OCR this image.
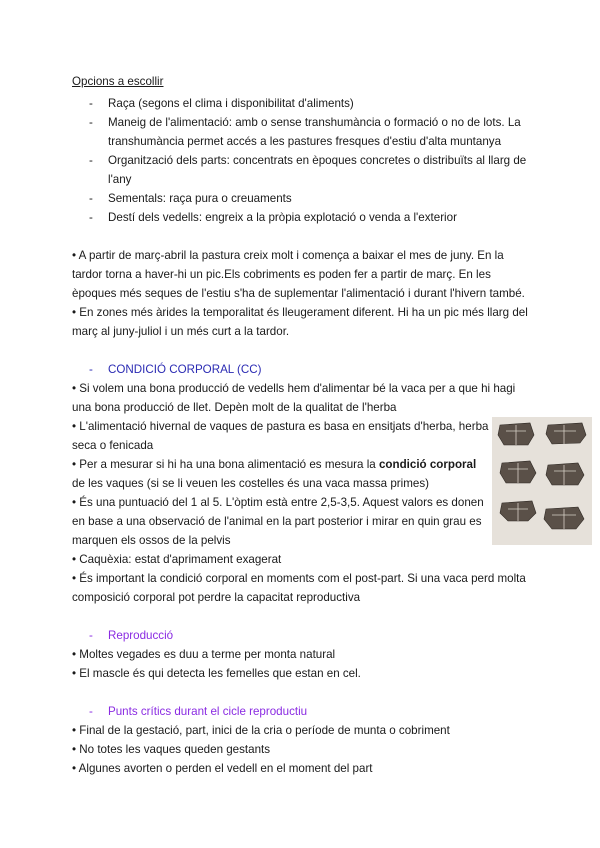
Opcions a escollir

- Raça (segons el clima i disponibilitat d'aliments)
- Maneig de l'alimentació: amb o sense transhumància o formació o no de lots. La transhumància permet accés a les pastures fresques d'estiu d'alta muntanya
- Organització dels parts: concentrats en èpoques concretes o distribuïts al llarg de l'any
- Sementals: raça pura o creuaments
- Destí dels vedells: engreix a la pròpia explotació o venda a l'exterior

• A partir de març-abril la pastura creix molt i comença a baixar el mes de juny. En la tardor torna a haver-hi un pic.Els cobriments es poden fer a partir de març. En les èpoques més seques de l'estiu s'ha de suplementar l'alimentació i durant l'hivern també.

• En zones més àrides la temporalitat és lleugerament diferent. Hi ha un pic més llarg del març al juny-juliol i un més curt a la tardor.

- CONDICIÓ CORPORAL (CC)

• Si volem una bona producció de vedells hem d'alimentar bé la vaca per a que hi hagi una bona producció de llet. Depèn molt de la qualitat de l'herba

• L'alimentació hivernal de vaques de pastura es basa en ensitjats d'herba, herba seca o fenicada

• Per a mesurar si hi ha una bona alimentació es mesura la condició corporal de les vaques (si se li veuen les costelles és una vaca massa primes)

• És una puntuació del 1 al 5. L'òptim està entre 2,5-3,5. Aquest valors es donen en base a una observació de l'animal en la part posterior i mirar en quin grau es marquen els ossos de la pelvis

• Caquèxia: estat d'aprimament exagerat

• És important la condició corporal en moments com el post-part. Si una vaca perd molta composició corporal pot perdre la capacitat reproductiva

- Reproducció

• Moltes vegades es duu a terme per monta natural

• El mascle és qui detecta les femelles que estan en cel.

- Punts crítics durant el cicle reproductiu

• Final de la gestació, part, inici de la cria o període de munta o cobriment

• No totes les vaques queden gestants

• Algunes avorten o perden el vedell en el moment del part
